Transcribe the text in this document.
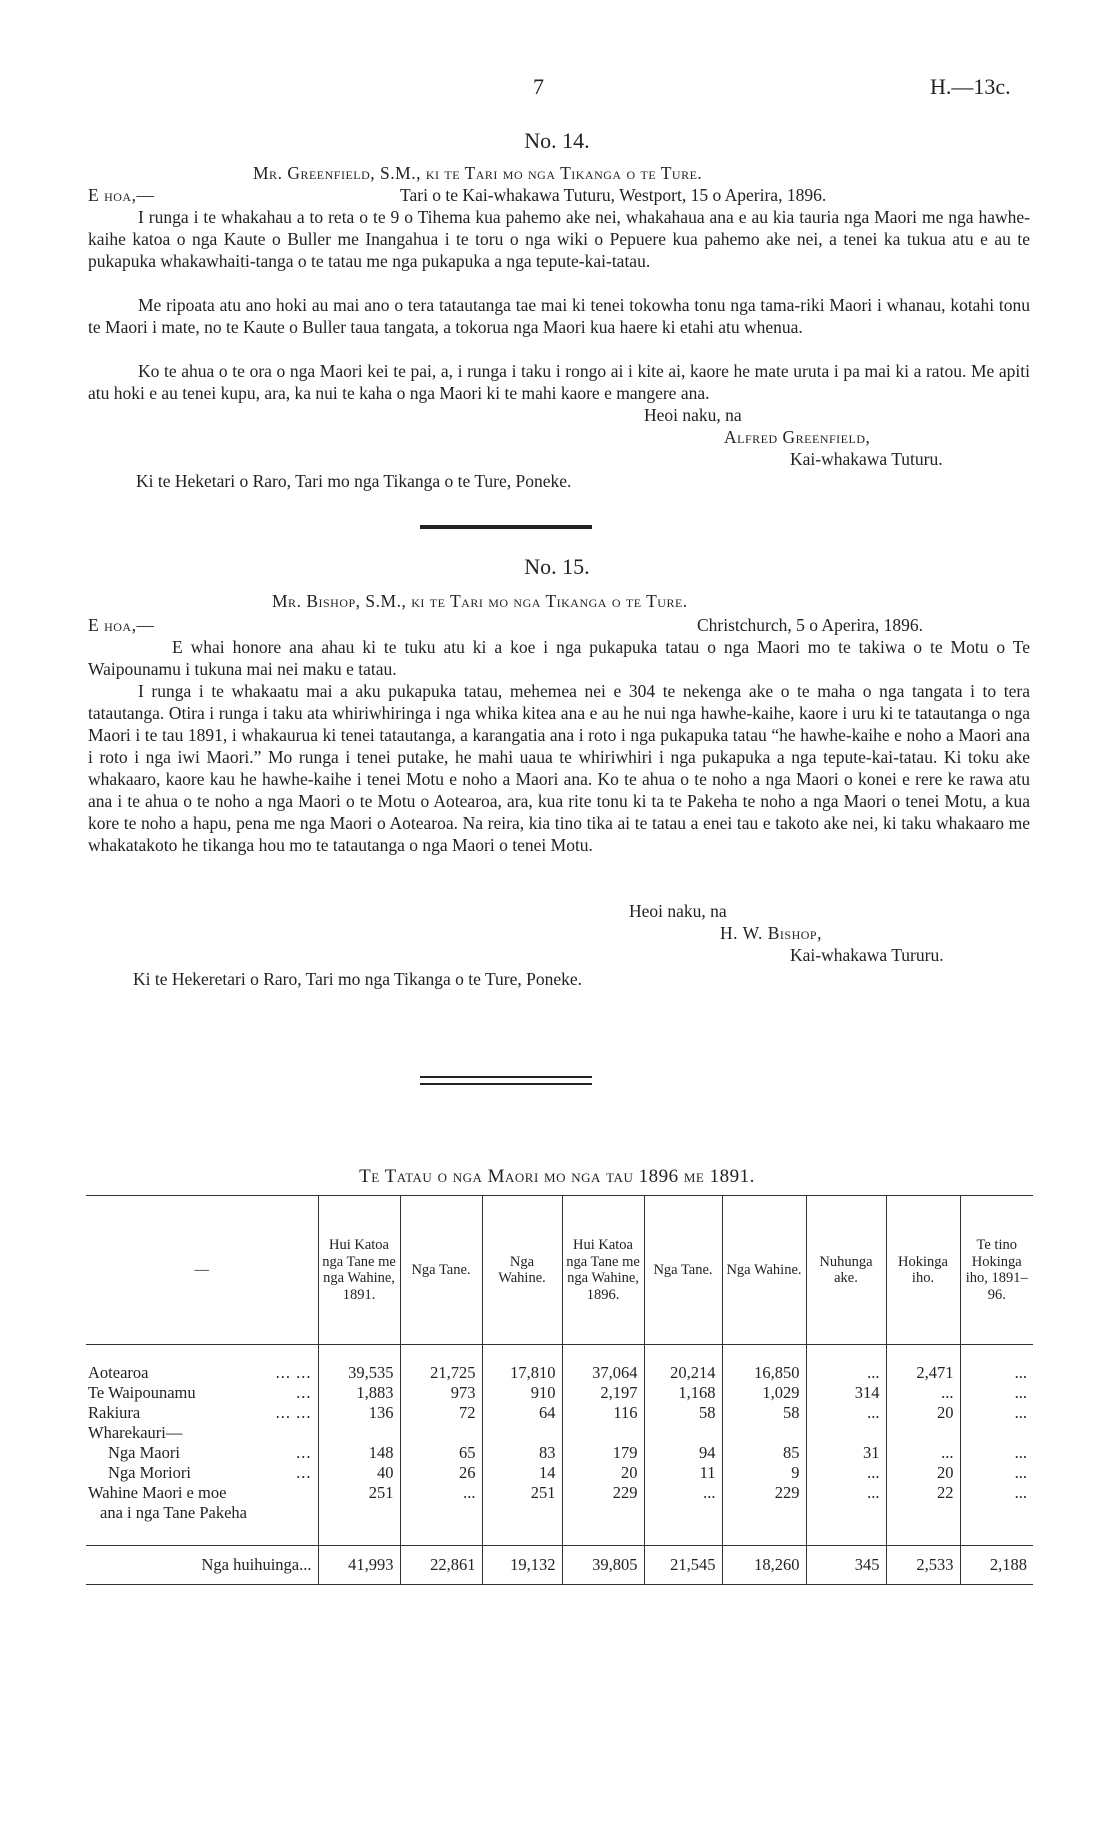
7	H.—13c.
No. 14.
Mr. Greenfield, S.M., ki te Tari mo nga Tikanga o te Ture.
E hoa,—	Tari o te Kai-whakawa Tuturu, Westport, 15 o Aperira, 1896.
I runga i te whakahau a to reta o te 9 o Tihema kua pahemo ake nei, whakahaua ana e au kia tauria nga Maori me nga hawhe-kaihe katoa o nga Kaute o Buller me Inangahua i te toru o nga wiki o Pepuere kua pahemo ake nei, a tenei ka tukua atu e au te pukapuka whakawhaiti-tanga o te tatau me nga pukapuka a nga tepute-kai-tatau.
Me ripoata atu ano hoki au mai ano o tera tatautanga tae mai ki tenei tokowha tonu nga tama-riki Maori i whanau, kotahi tonu te Maori i mate, no te Kaute o Buller taua tangata, a tokorua nga Maori kua haere ki etahi atu whenua.
Ko te ahua o te ora o nga Maori kei te pai, a, i runga i taku i rongo ai i kite ai, kaore he mate uruta i pa mai ki a ratou. Me apiti atu hoki e au tenei kupu, ara, ka nui te kaha o nga Maori ki te mahi kaore e mangere ana.
Heoi naku, na
Alfred Greenfield,
Kai-whakawa Tuturu.
Ki te Heketari o Raro, Tari mo nga Tikanga o te Ture, Poneke.
No. 15.
Mr. Bishop, S.M., ki te Tari mo nga Tikanga o te Ture.
E hoa,—	Christchurch, 5 o Aperira, 1896.
E whai honore ana ahau ki te tuku atu ki a koe i nga pukapuka tatau o nga Maori mo te takiwa o te Motu o Te Waipounamu i tukuna mai nei maku e tatau.
I runga i te whakaatu mai a aku pukapuka tatau, mehemea nei e 304 te nekenga ake o te maha o nga tangata i to tera tatautanga. Otira i runga i taku ata whiriwhiringa i nga whika kitea ana e au he nui nga hawhe-kaihe, kaore i uru ki te tatautanga o nga Maori i te tau 1891, i whakaurua ki tenei tatautanga, a karangatia ana i roto i nga pukapuka tatau “he hawhe-kaihe e noho a Maori ana i roto i nga iwi Maori.” Mo runga i tenei putake, he mahi uaua te whiriwhiri i nga pukapuka a nga tepute-kai-tatau. Ki toku ake whakaaro, kaore kau he hawhe-kaihe i tenei Motu e noho a Maori ana. Ko te ahua o te noho a nga Maori o konei e rere ke rawa atu ana i te ahua o te noho a nga Maori o te Motu o Aotearoa, ara, kua rite tonu ki ta te Pakeha te noho a nga Maori o tenei Motu, a kua kore te noho a hapu, pena me nga Maori o Aotearoa. Na reira, kia tino tika ai te tatau a enei tau e takoto ake nei, ki taku whakaaro me whakatakoto he tikanga hou mo te tatautanga o nga Maori o tenei Motu.
Heoi naku, na
H. W. Bishop,
Kai-whakawa Tururu.
Ki te Hekeretari o Raro, Tari mo nga Tikanga o te Ture, Poneke.
Te Tatau o nga Maori mo nga tau 1896 me 1891.
—	Hui Katoa nga Tane me nga Wahine, 1891.	Nga Tane.	Nga Wahine.	Hui Katoa nga Tane me nga Wahine, 1896.	Nga Tane.	Nga Wahine.	Nuhunga ake.	Hokinga iho.	Te tino Hokinga iho, 1891–96.

Aotearoa ... ...	39,535	21,725	17,810	37,064	20,214	16,850	...	2,471	...
Te Waipounamu ...	1,883	973	910	2,197	1,168	1,029	314	...	...
Rakiura ... ...	136	72	64	116	58	58	...	20	...
Wharekauri—									
Nga Maori ...	148	65	83	179	94	85	31	...	...
Nga Moriori ...	40	26	14	20	11	9	...	20	...

Wahine Maori e moe
ana i nga Tane Pakeha	251	...	251	229	...	229	...	22	...

Nga huihuinga...	41,993	22,861	19,132	39,805	21,545	18,260	345	2,533	2,188
